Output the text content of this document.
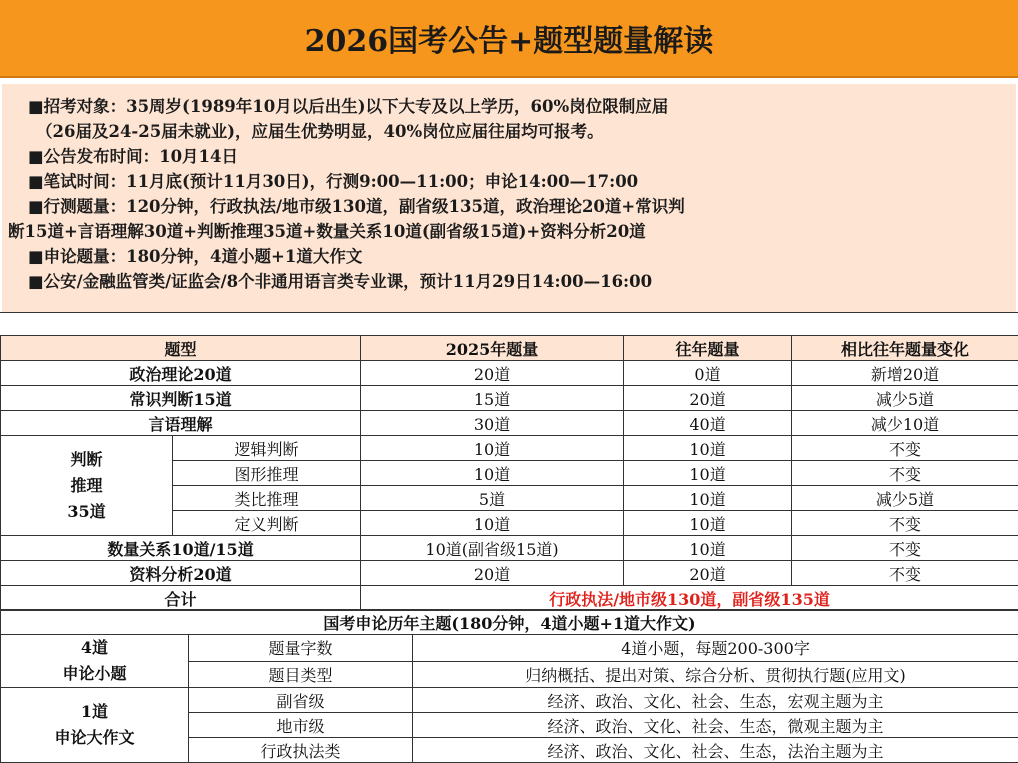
2026国考公告+题型题量解读
■招考对象：35周岁(1989年10月以后出生)以下大专及以上学历，60%岗位限制应届
（26届及24-25届未就业)，应届生优势明显，40%岗位应届往届均可报考。
■公告发布时间：10月14日
■笔试时间：11月底(预计11月30日)，行测9:00—11:00；申论14:00—17:00
■行测题量：120分钟，行政执法/地市级130道，副省级135道，政治理论20道+常识判
断15道+言语理解30道+判断推理35道+数量关系10道(副省级15道)+资料分析20道
■申论题量：180分钟，4道小题+1道大作文
■公安/金融监管类/证监会/8个非通用语言类专业课，预计11月29日14:00—16:00
题型		2025年题量	往年题量	相比往年题量变化
政治理论20道		20道	0道	新增20道
常识判断15道		15道	20道	减少5道
言语理解		30道	40道	减少10道

判断
推理
35道	逻辑判断	10道	10道	不变
	图形推理	10道	10道	不变
	类比推理	5道	10道	减少5道
	定义判断	10道	10道	不变
数量关系10道/15道		10道(副省级15道)	10道	不变
资料分析20道		20道	20道	不变
合计		行政执法/地市级130道，副省级135道		
国考申论历年主题(180分钟，4道小题+1道大作文)		

4道
申论小题	题量字数	4道小题，每题200-300字
	题目类型	归纳概括、提出对策、综合分析、贯彻执行题(应用文)

1道
申论大作文	副省级	经济、政治、文化、社会、生态，宏观主题为主
	地市级	经济、政治、文化、社会、生态，微观主题为主
	行政执法类	经济、政治、文化、社会、生态，法治主题为主
